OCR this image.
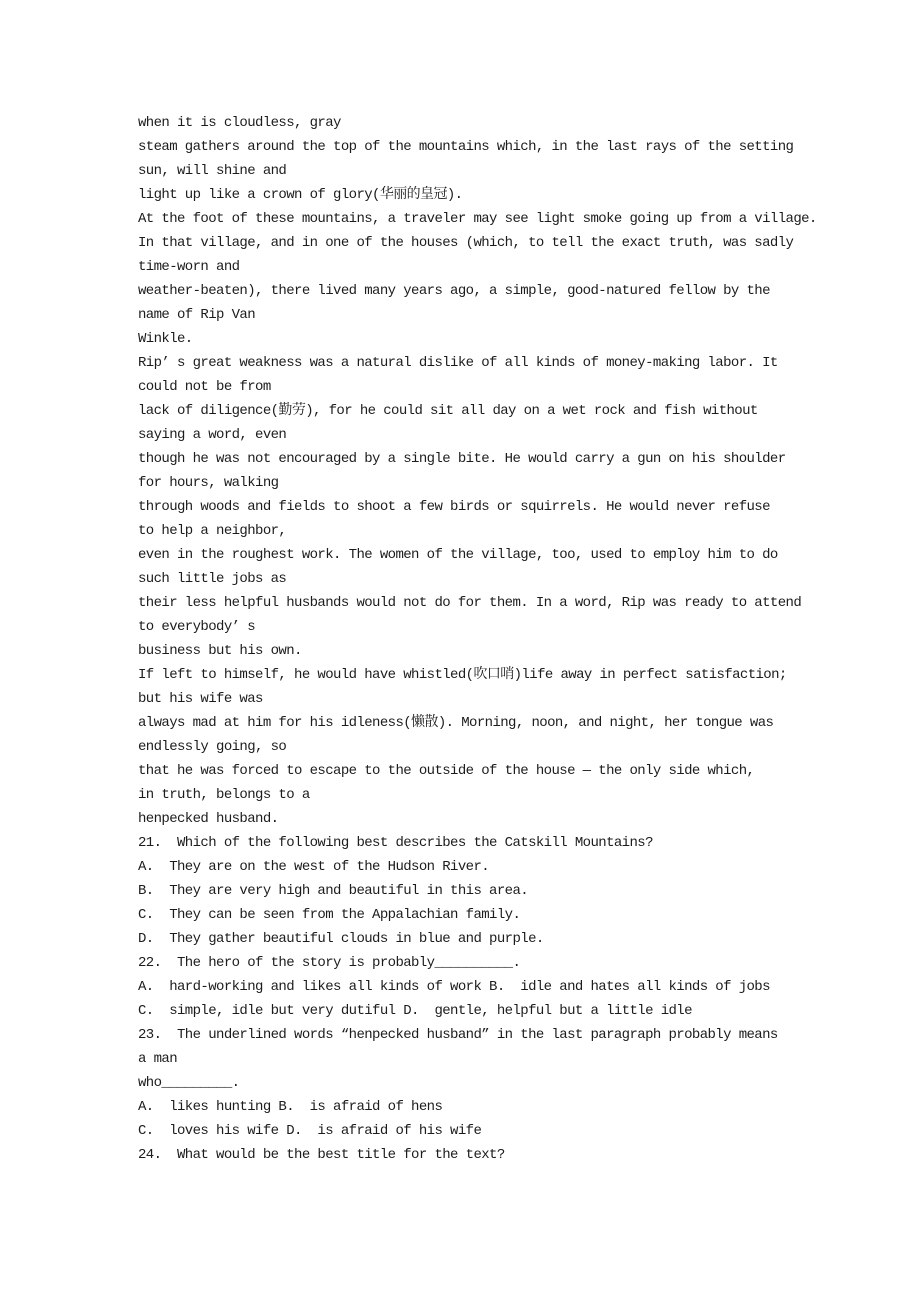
when it is cloudless, gray
steam gathers around the top of the mountains which, in the last rays of the setting
sun, will shine and
light up like a crown of glory(华丽的皇冠).
At the foot of these mountains, a traveler may see light smoke going up from a village.
In that village, and in one of the houses (which, to tell the exact truth, was sadly
time-worn and
weather-beaten), there lived many years ago, a simple, good-natured fellow by the
name of Rip Van
Winkle.
Rip’ s great weakness was a natural dislike of all kinds of money-making labor. It
could not be from
lack of diligence(勤劳), for he could sit all day on a wet rock and fish without
saying a word, even
though he was not encouraged by a single bite. He would carry a gun on his shoulder
for hours, walking
through woods and fields to shoot a few birds or squirrels. He would never refuse
to help a neighbor,
even in the roughest work. The women of the village, too, used to employ him to do
such little jobs as
their less helpful husbands would not do for them. In a word, Rip was ready to attend
to everybody’ s
business but his own.
If left to himself, he would have whistled(吹口哨)life away in perfect satisfaction;
but his wife was
always mad at him for his idleness(懒散). Morning, noon, and night, her tongue was
endlessly going, so
that he was forced to escape to the outside of the house — the only side which,
in truth, belongs to a
henpecked husband.
21.  Which of the following best describes the Catskill Mountains?
A.  They are on the west of the Hudson River.
B.  They are very high and beautiful in this area.
C.  They can be seen from the Appalachian family.
D.  They gather beautiful clouds in blue and purple.
22.  The hero of the story is probably__________.
A.  hard-working and likes all kinds of work B.  idle and hates all kinds of jobs
C.  simple, idle but very dutiful D.  gentle, helpful but a little idle
23.  The underlined words “henpecked husband” in the last paragraph probably means
a man
who_________.
A.  likes hunting B.  is afraid of hens
C.  loves his wife D.  is afraid of his wife
24.  What would be the best title for the text?
